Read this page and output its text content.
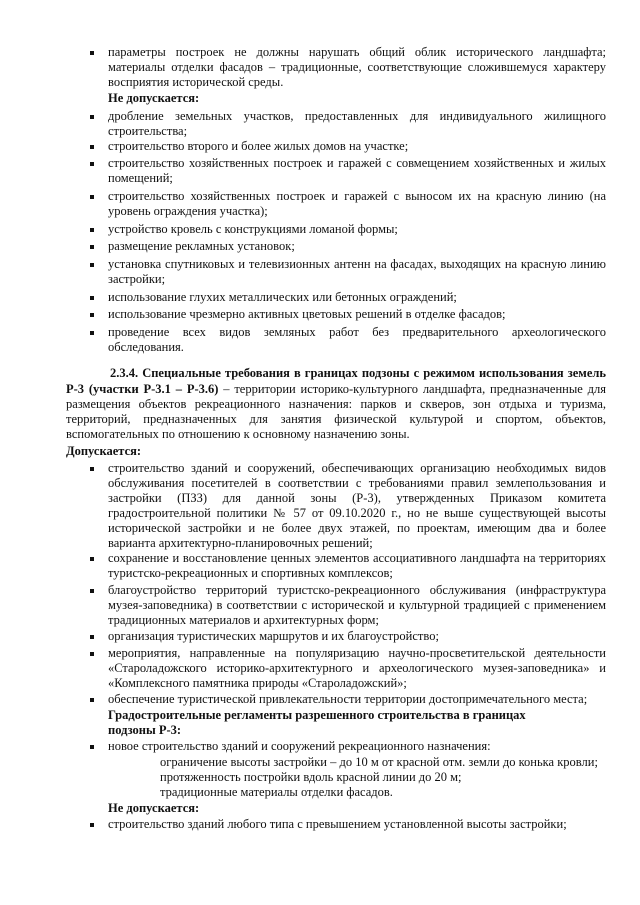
параметры построек не должны нарушать общий облик исторического ландшафта;
материалы отделки фасадов – традиционные, соответствующие сложившемуся характеру
восприятия исторической среды.
Не допускается:
дробление земельных участков, предоставленных для индивидуального жилищного
строительства;
строительство второго и более жилых домов на участке;
строительство хозяйственных построек и гаражей с совмещением хозяйственных и жилых
помещений;
строительство хозяйственных построек и гаражей с выносом их на красную линию (на
уровень ограждения участка);
устройство кровель с конструкциями ломаной формы;
размещение рекламных установок;
установка спутниковых и телевизионных антенн на фасадах, выходящих на красную линию
застройки;
использование глухих металлических или бетонных ограждений;
использование чрезмерно активных цветовых решений в отделке фасадов;
проведение всех видов земляных работ без предварительного археологического
обследования.
2.3.4. Специальные требования в границах подзоны с режимом использования земель
Р-3 (участки Р-3.1 – Р-3.6) – территории историко-культурного ландшафта, предназначенные для
размещения объектов рекреационного назначения: парков и скверов, зон отдыха и туризма,
территорий, предназначенных для занятия физической культурой и спортом, объектов,
вспомогательных по отношению к основному назначению зоны.
Допускается:
строительство зданий и сооружений, обеспечивающих организацию необходимых видов
обслуживания посетителей в соответствии с требованиями правил землепользования и
застройки (ПЗЗ) для данной зоны (Р-3), утвержденных Приказом комитета
градостроительной политики № 57 от 09.10.2020 г., но не выше существующей высоты
исторической застройки и не более двух этажей, по проектам, имеющим два и более
варианта архитектурно-планировочных решений;
сохранение и восстановление ценных элементов ассоциативного ландшафта на территориях
туристско-рекреационных и спортивных комплексов;
благоустройство территорий туристско-рекреационного обслуживания (инфраструктура
музея-заповедника) в соответствии с исторической и культурной традицией с применением
традиционных материалов и архитектурных форм;
организация туристических маршрутов и их благоустройство;
мероприятия, направленные на популяризацию научно-просветительской деятельности
«Староладожского историко-архитектурного и археологического музея-заповедника» и
«Комплексного памятника природы «Староладожский»;
обеспечение туристической привлекательности территории достопримечательного места;
Градостроительные регламенты разрешенного строительства в границах
подзоны Р-3:
новое строительство зданий и сооружений рекреационного назначения:
ограничение высоты застройки – до 10 м от красной отм. земли до конька кровли;
протяженность постройки вдоль красной линии до 20 м;
традиционные материалы отделки фасадов.
Не допускается:
строительство зданий любого типа с превышением установленной высоты застройки;
